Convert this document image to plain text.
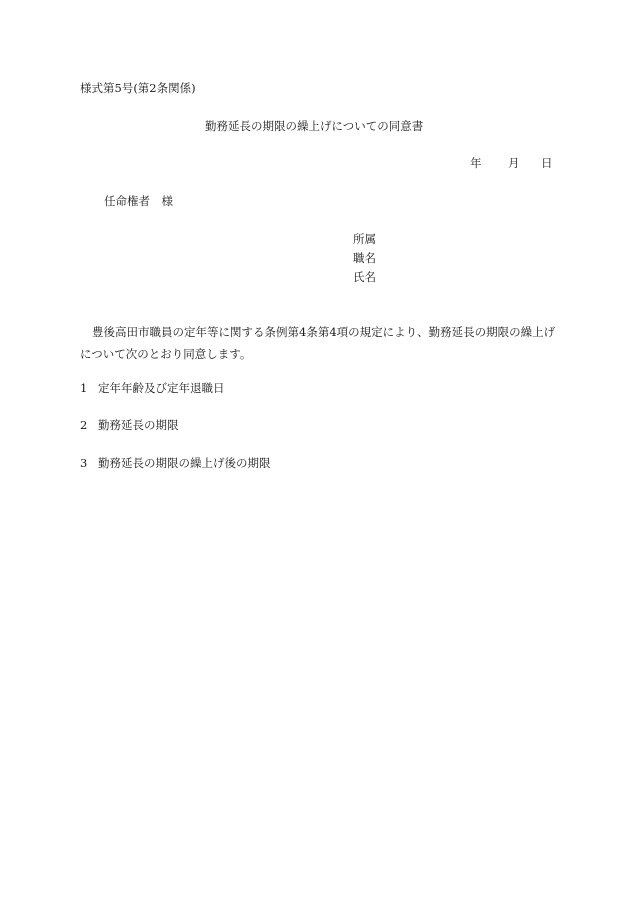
様式第5号(第2条関係)
勤務延長の期限の繰上げについての同意書
年 月 日
任命権者　様
所属
職名
氏名
豊後高田市職員の定年等に関する条例第4条第4項の規定により、勤務延長の期限の繰上げについて次のとおり同意します。
1 定年年齢及び定年退職日
2 勤務延長の期限
3 勤務延長の期限の繰上げ後の期限
